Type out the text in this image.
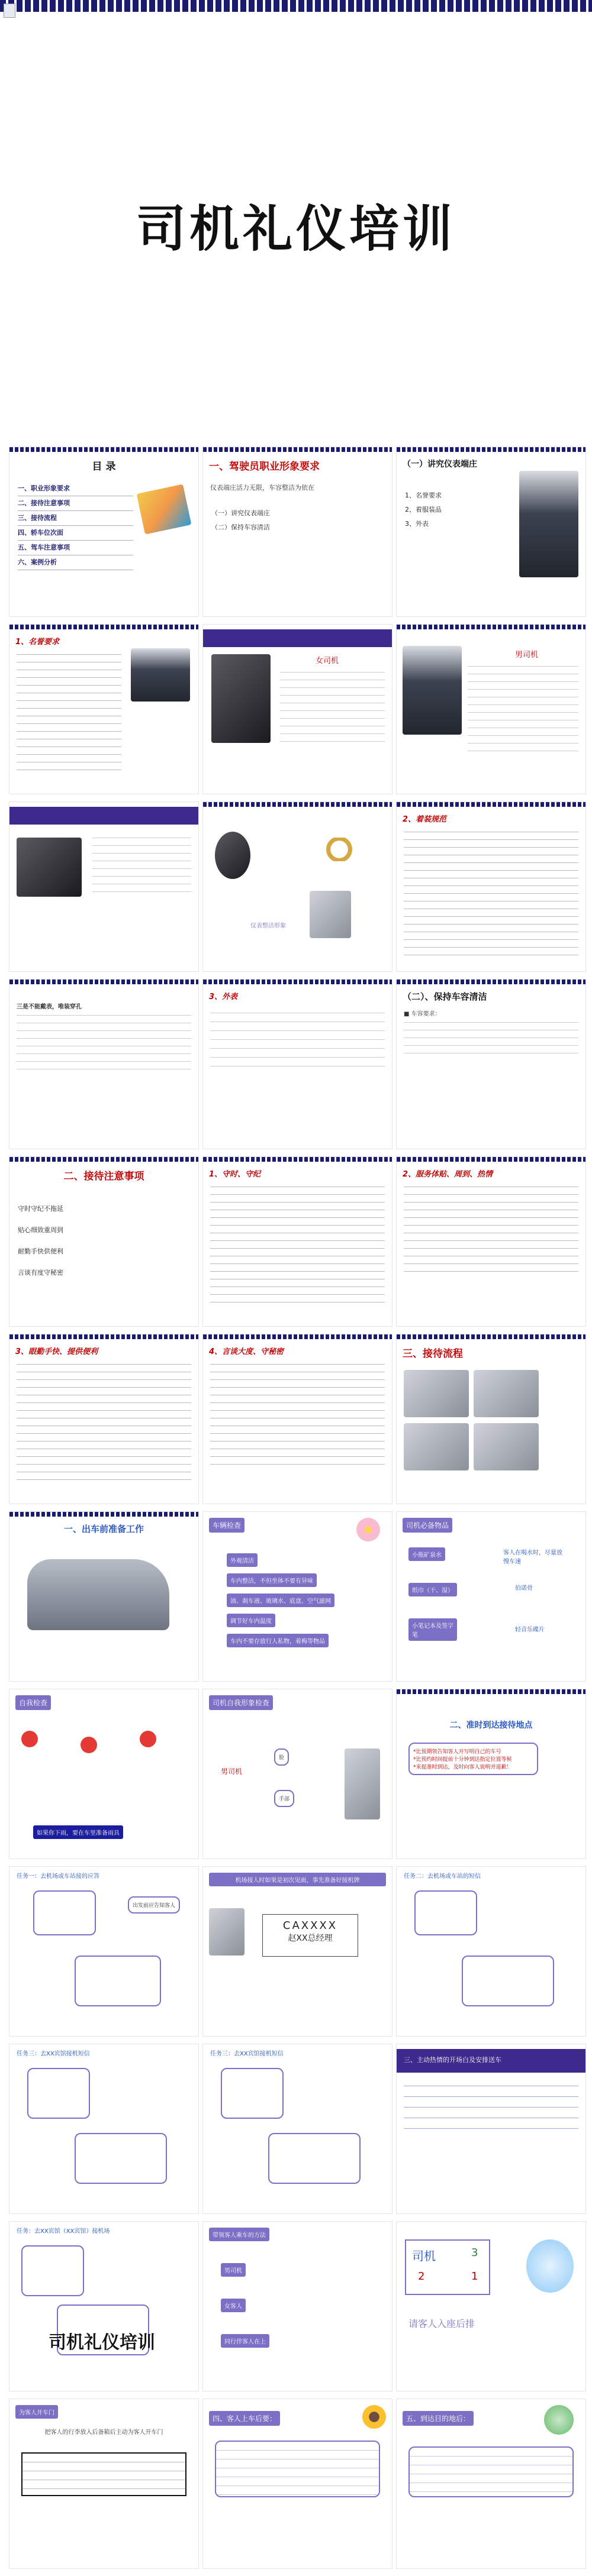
司机礼仪培训
目 录
一、职业形象要求
二、接待注意事项
三、接待流程
四、轿车位次面
五、驾车注意事项
六、案例分析
一、驾驶员职业形象要求
仪表端庄活力无限，车容整洁为依在
（一）讲究仪表端庄
（二）保持车容清洁
（一）讲究仪表端庄
1、名誉要求
2、着服装品
3、外表
1、名誉要求
女司机
男司机
仪表整洁形象
2、着装规范
三是不能戴表，唯装穿孔
3、外表	（二）、保持车容清洁
■ 车容要求：
二、接待注意事项
守时守纪不拖延
贴心细致重周到
耐勤手快供便利
言谈有度守秘密
1、守时、守纪	2、服务体贴、周到、热情
3、眼勤手快、提供便利	4、言谈大度、守秘密	三、接待流程
一、出车前准备工作	车辆检查
外观清洁
车内整洁，不但坐体不要有异味
油、刹车液、玻璃水、底盘、空气滤网
调节好车内温度
车内不要存放行人私物，着梅等物品
司机必备物品
小瓶矿泉水	客人在喝水时，尽量放慢车速
纸巾（干、湿）	伯诺骨
小笔记本及签字笔
轻音乐碟片
自我检查
如果你下雨，要在车里准备雨具
司机自我形象检查
脸
手部
男司机
二、准时到达接待地点
*比预期领告知客人开写明自己的车号
*比预约时间提前十分钟到达指定位置等候
*来提准时到达，及时向客人说明并道歉！
任务一：去机场或车站接的应答
出发前应告知客人
机场接人时如果是初次见面，事先准备好接机牌
CAXXXX
赵XX总经理
任务二：去机场或车站的短信
任务三：去XX宾馆接机短信	任务三：去XX宾馆接机短信
三、主动热情的开场白及安排送车
任务：去XX宾馆（XX宾馆）接机场
带领客人乘车的方法
男司机
女客人
同行伴客人在上
司机	3
2	1
请客人入座后排
为客人开车门
把客人的行李放入后备箱后主动为客人开车门
四、客人上车后要：	五、到达目的地后：
司机礼仪培训
